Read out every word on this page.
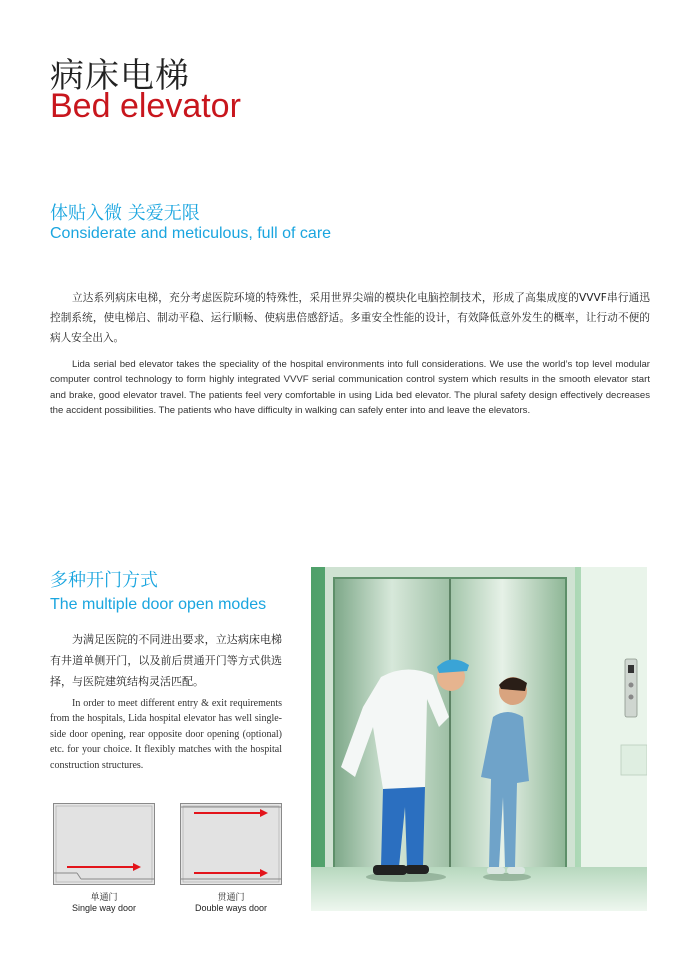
病床电梯
Bed elevator
体贴入微 关爱无限
Considerate and meticulous, full of care

立达系列病床电梯，充分考虑医院环境的特殊性，采用世界尖端的模块化电脑控制技术，形成了高集成度的VVVF串行通迅控制系统，使电梯启、制动平稳、运行顺畅、使病患倍感舒适。多重安全性能的设计，有效降低意外发生的概率，让行动不便的病人安全出入。

Lida serial bed elevator takes the speciality of the hospital environments into full considerations. We use the world’s top level modular computer control technology to form highly integrated VVVF serial communication control system which results in the smooth elevator start and brake, good elevator travel. The patients feel very comfortable in using Lida bed elevator. The plural safety design effectively decreases the accident possibilities. The patients who have difficulty in walking can safely enter into and leave the elevators.

多种开门方式
The multiple door open modes

为满足医院的不同进出要求，立达病床电梯有井道单侧开门，以及前后贯通开门等方式供选择，与医院建筑结构灵活匹配。

In order to meet different entry & exit requirements from the hospitals, Lida hospital elevator has well single-side door opening, rear opposite door opening (optional) etc. for your choice. It flexibly matches with the hospital construction structures.

单通门
Single way door
贯通门
Double ways door
